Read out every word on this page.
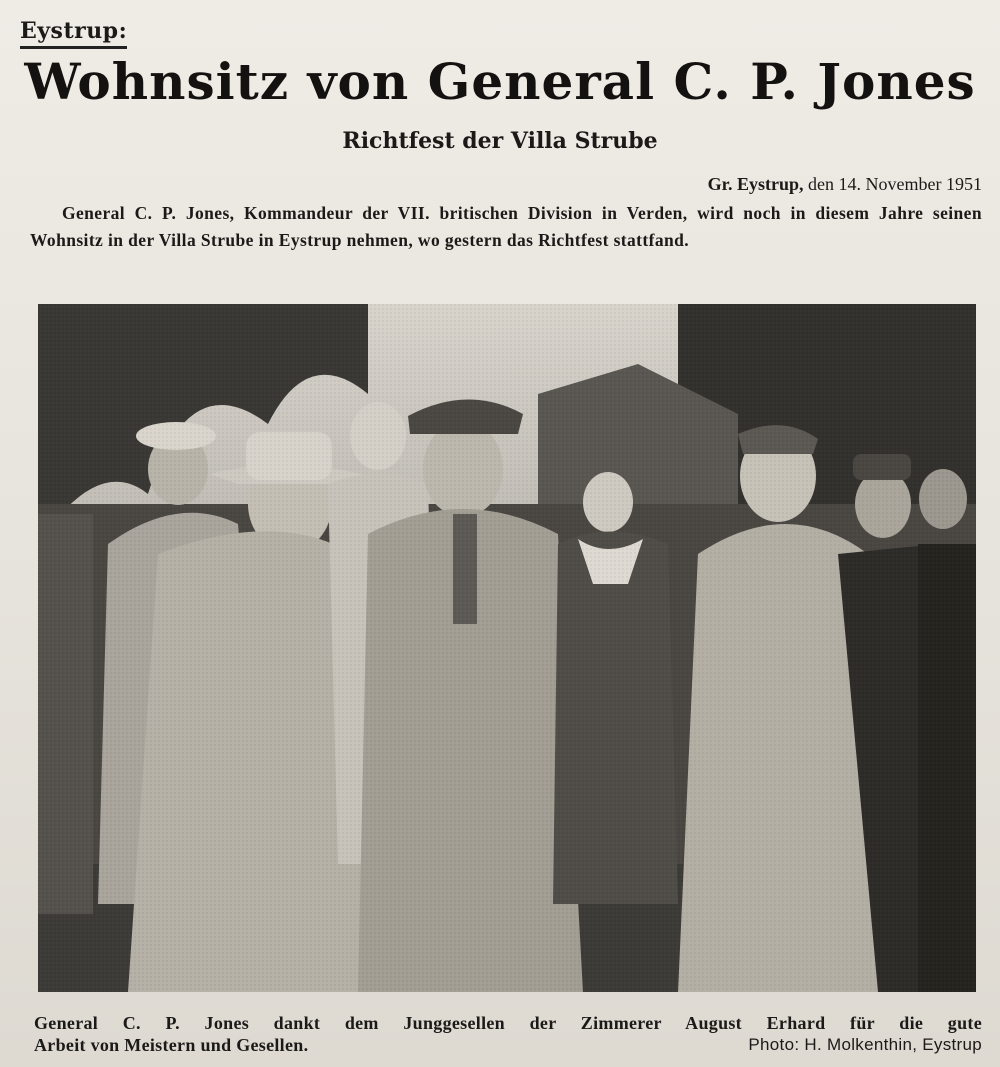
Eystrup:
Wohnsitz von General C. P. Jones
Richtfest der Villa Strube
Gr. Eystrup, den 14. November 1951
General C. P. Jones, Kommandeur der VII. britischen Division in Verden, wird noch in diesem Jahre seinen Wohnsitz in der Villa Strube in Eystrup nehmen, wo gestern das Richtfest stattfand.
General C. P. Jones dankt dem Junggesellen der Zimmerer August Erhard für die gute
Arbeit von Meistern und Gesellen.	Photo: H. Molkenthin, Eystrup
